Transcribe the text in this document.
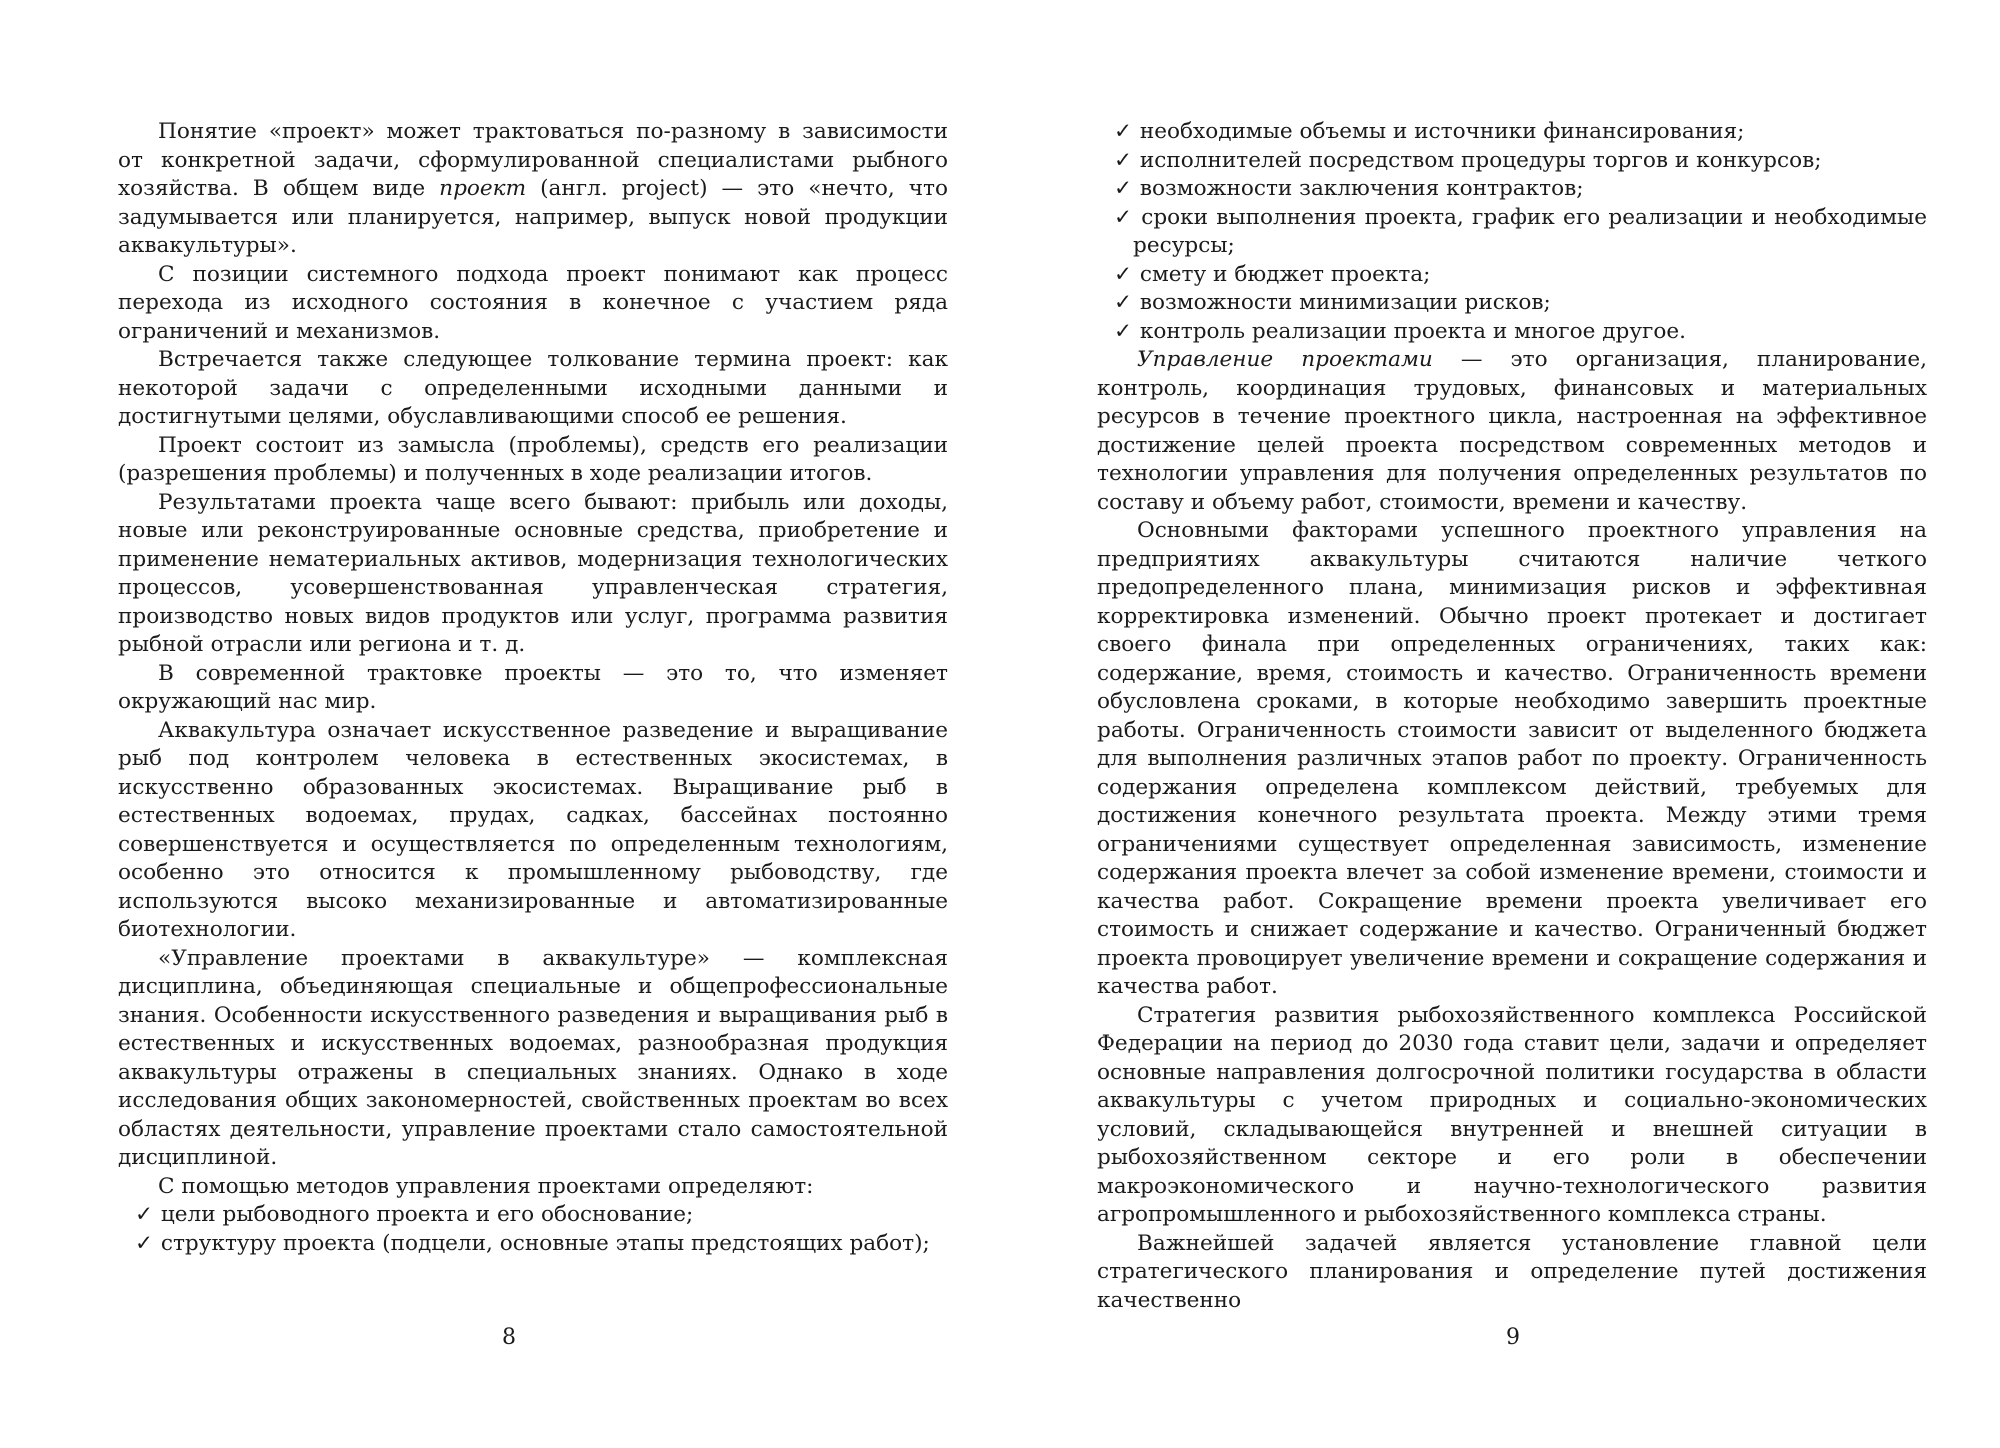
Понятие «проект» может трактоваться по-разному в зависимости от конкретной задачи, сформулированной специалистами рыбного хозяйства. В общем виде проект (англ. project) — это «нечто, что задумывается или планируется, например, выпуск новой продукции аквакультуры».

С позиции системного подхода проект понимают как процесс перехода из исходного состояния в конечное с участием ряда ограничений и механизмов.

Встречается также следующее толкование термина проект: как некоторой задачи с определенными исходными данными и достигнутыми целями, обуславливающими способ ее решения.

Проект состоит из замысла (проблемы), средств его реализации (разрешения проблемы) и полученных в ходе реализации итогов.

Результатами проекта чаще всего бывают: прибыль или доходы, новые или реконструированные основные средства, приобретение и применение нематериальных активов, модернизация технологических процессов, усовершенствованная управленческая стратегия, производство новых видов продуктов или услуг, программа развития рыбной отрасли или региона и т. д.

В современной трактовке проекты — это то, что изменяет окружающий нас мир.

Аквакультура означает искусственное разведение и выращивание рыб под контролем человека в естественных экосистемах, в искусственно образованных экосистемах. Выращивание рыб в естественных водоемах, прудах, садках, бассейнах постоянно совершенствуется и осуществляется по определенным технологиям, особенно это относится к промышленному рыбоводству, где используются высоко механизированные и автоматизированные биотехнологии.

«Управление проектами в аквакультуре» — комплексная дисциплина, объединяющая специальные и общепрофессиональные знания. Особенности искусственного разведения и выращивания рыб в естественных и искусственных водоемах, разнообразная продукция аквакультуры отражены в специальных знаниях. Однако в ходе исследования общих закономерностей, свойственных проектам во всех областях деятельности, управление проектами стало самостоятельной дисциплиной.

С помощью методов управления проектами определяют:

✓ цели рыбоводного проекта и его обоснование;

✓ структуру проекта (подцели, основные этапы предстоящих работ);

8

✓ необходимые объемы и источники финансирования;

✓ исполнителей посредством процедуры торгов и конкурсов;

✓ возможности заключения контрактов;

✓ сроки выполнения проекта, график его реализации и необходимые ресурсы;

✓ смету и бюджет проекта;

✓ возможности минимизации рисков;

✓ контроль реализации проекта и многое другое.

Управление проектами — это организация, планирование, контроль, координация трудовых, финансовых и материальных ресурсов в течение проектного цикла, настроенная на эффективное достижение целей проекта посредством современных методов и технологии управления для получения определенных результатов по составу и объему работ, стоимости, времени и качеству.

Основными факторами успешного проектного управления на предприятиях аквакультуры считаются наличие четкого предопределенного плана, минимизация рисков и эффективная корректировка изменений. Обычно проект протекает и достигает своего финала при определенных ограничениях, таких как: содержание, время, стоимость и качество. Ограниченность времени обусловлена сроками, в которые необходимо завершить проектные работы. Ограниченность стоимости зависит от выделенного бюджета для выполнения различных этапов работ по проекту. Ограниченность содержания определена комплексом действий, требуемых для достижения конечного результата проекта. Между этими тремя ограничениями существует определенная зависимость, изменение содержания проекта влечет за собой изменение времени, стоимости и качества работ. Сокращение времени проекта увеличивает его стоимость и снижает содержание и качество. Ограниченный бюджет проекта провоцирует увеличение времени и сокращение содержания и качества работ.

Стратегия развития рыбохозяйственного комплекса Российской Федерации на период до 2030 года ставит цели, задачи и определяет основные направления долгосрочной политики государства в области аквакультуры с учетом природных и социально-экономических условий, складывающейся внутренней и внешней ситуации в рыбохозяйственном секторе и его роли в обеспечении макроэкономического и научно-технологического развития агропромышленного и рыбохозяйственного комплекса страны.

Важнейшей задачей является установление главной цели стратегического планирования и определение путей достижения качественно

9
